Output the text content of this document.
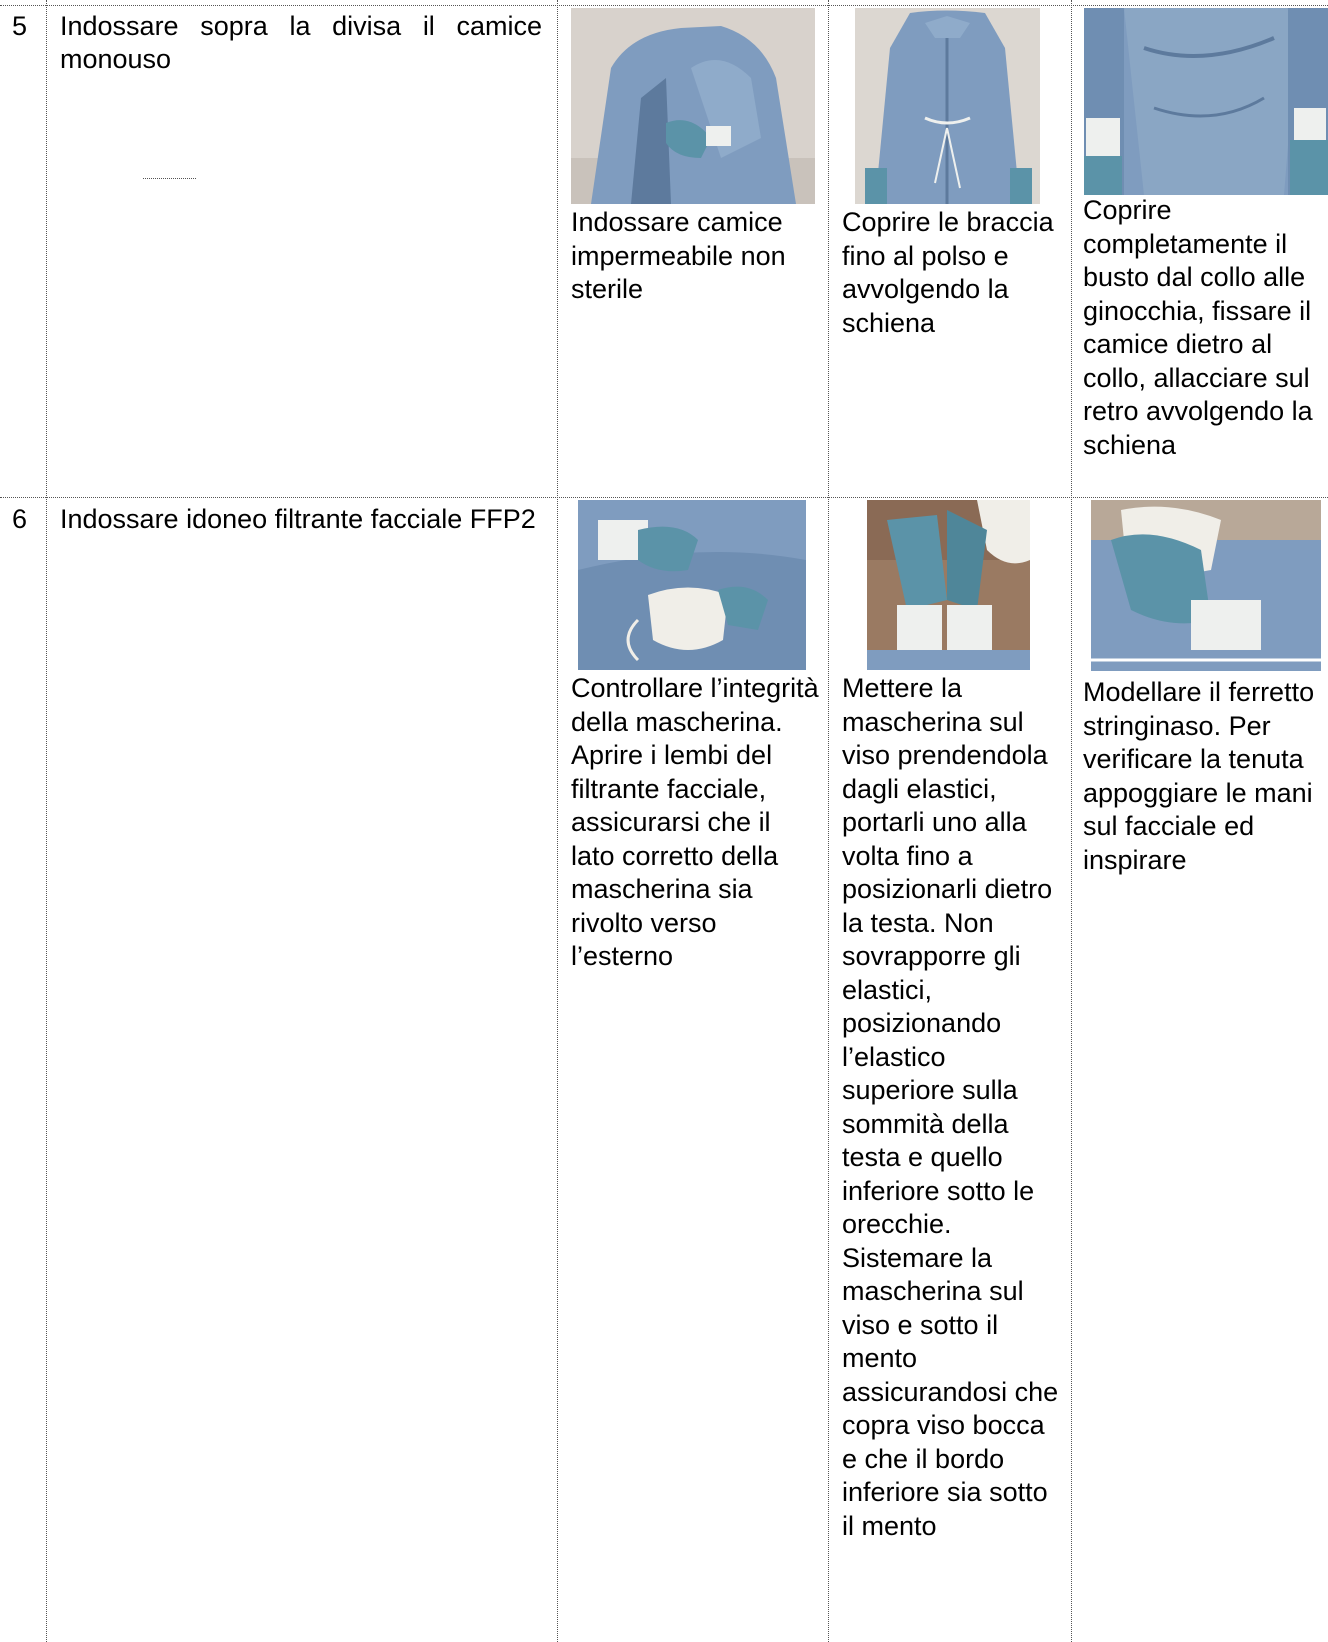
5 Indossare sopra la divisa il camice monouso
Indossare camice impermeabile non sterile
Coprire le braccia fino al polso e avvolgendo la schiena
Coprire completamente il busto dal collo alle ginocchia, fissare il camice dietro al collo, allacciare sul retro avvolgendo la schiena
6 Indossare idoneo filtrante facciale FFP2
Controllare l’integrità della mascherina. Aprire i lembi del filtrante facciale, assicurarsi che il lato corretto della mascherina sia rivolto verso l’esterno
Mettere la mascherina sul viso prendendola dagli elastici, portarli uno alla volta fino a posizionarli dietro la testa. Non sovrapporre gli elastici, posizionando l’elastico superiore sulla sommità della testa e quello inferiore sotto le orecchie. Sistemare la mascherina sul viso e sotto il mento assicurandosi che copra viso bocca e che il bordo inferiore sia sotto il mento
Modellare il ferretto stringinaso. Per verificare la tenuta appoggiare le mani sul facciale ed inspirare
